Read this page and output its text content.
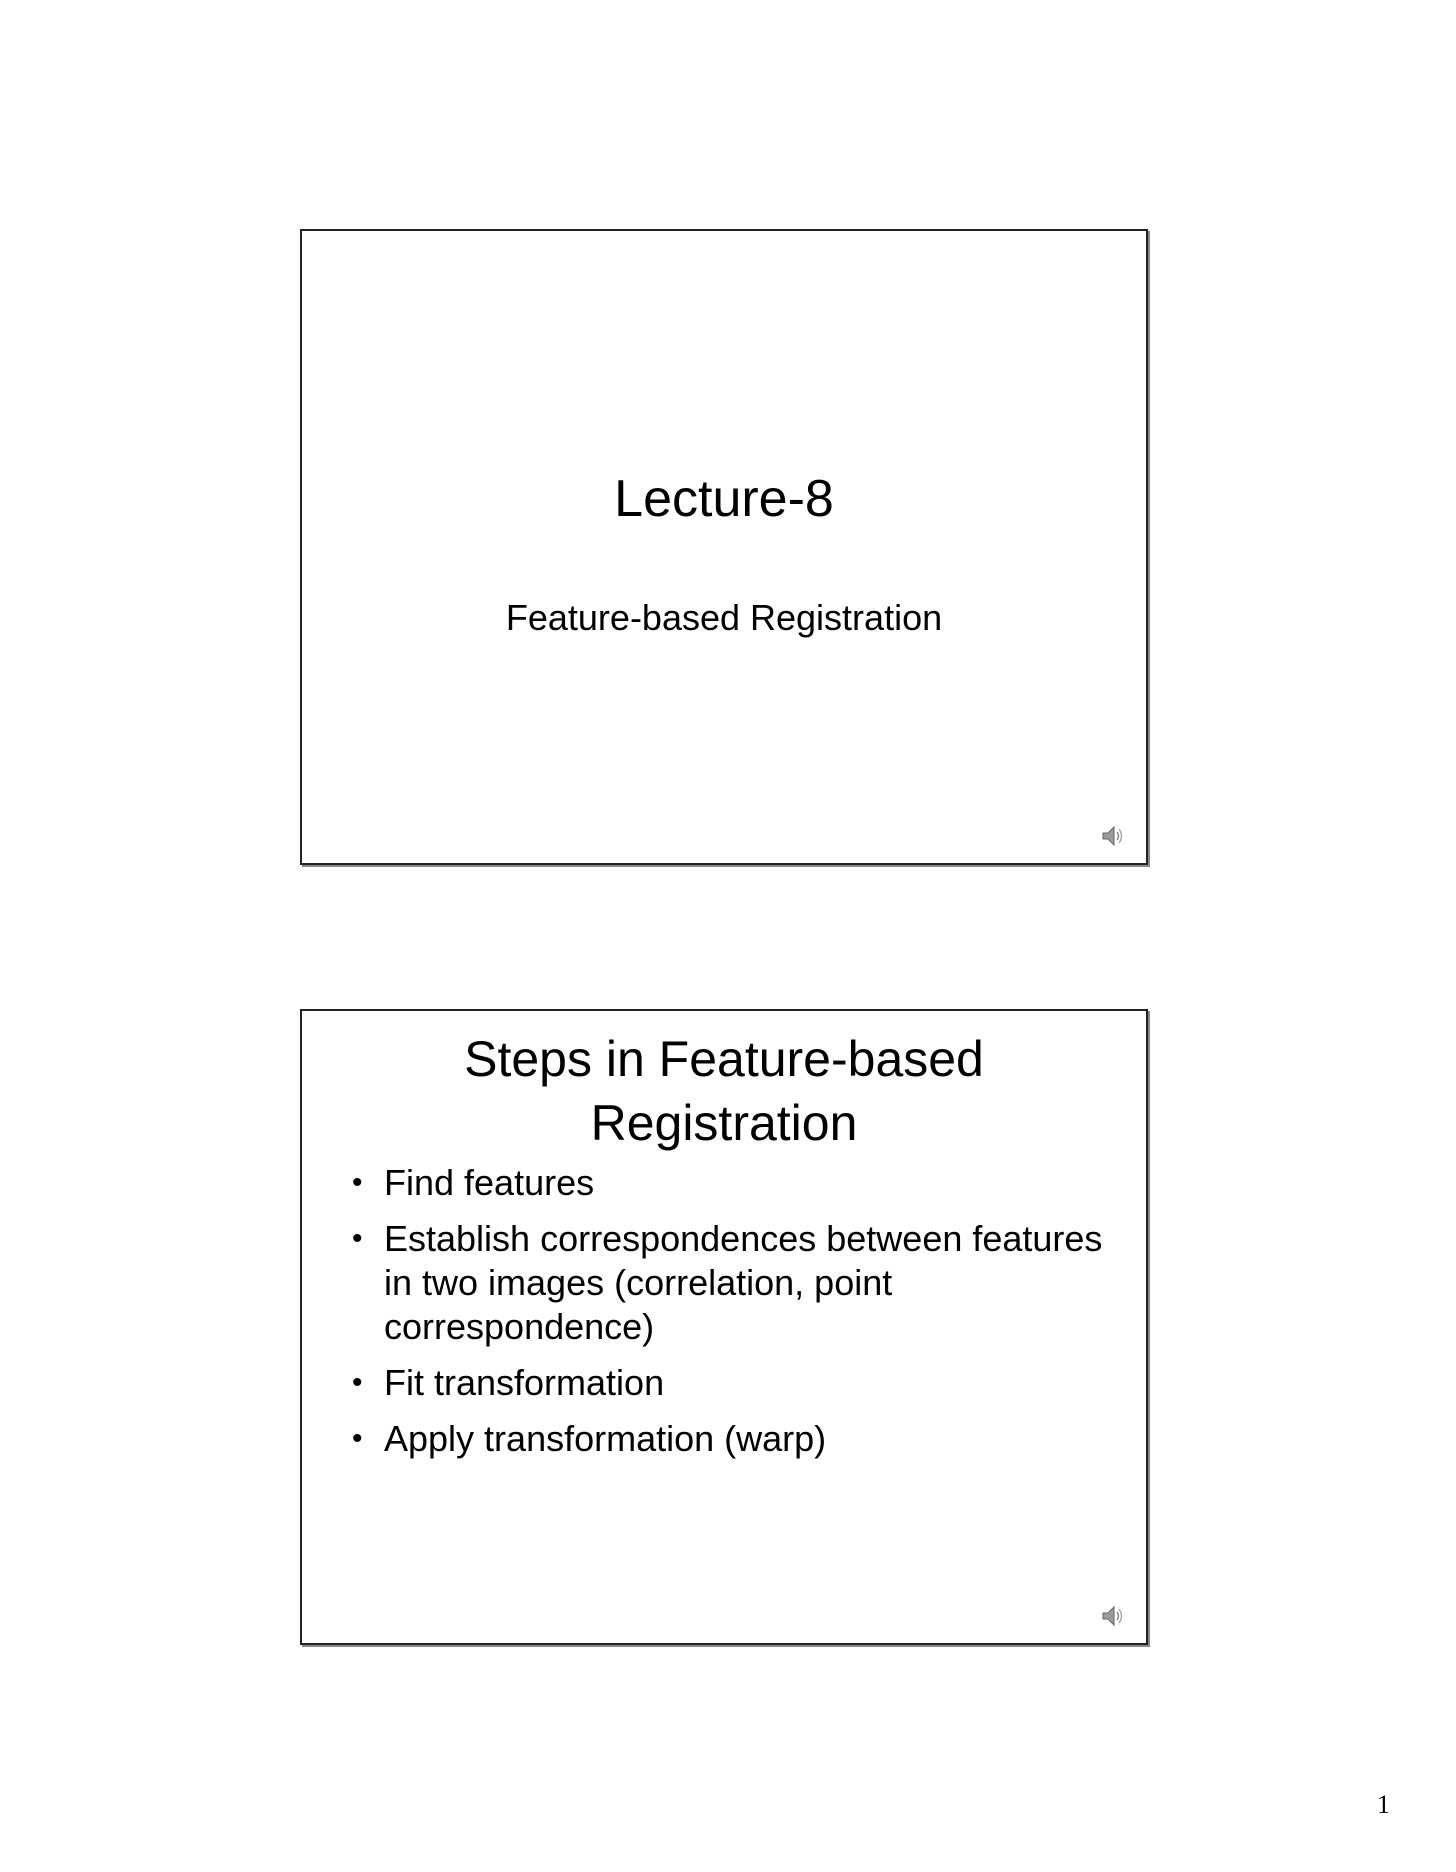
Lecture-8
Feature-based Registration
Steps in Feature-based
Registration
• Find features
• Establish correspondences between features in two images (correlation, point correspondence)
• Fit transformation
• Apply transformation (warp)
1
